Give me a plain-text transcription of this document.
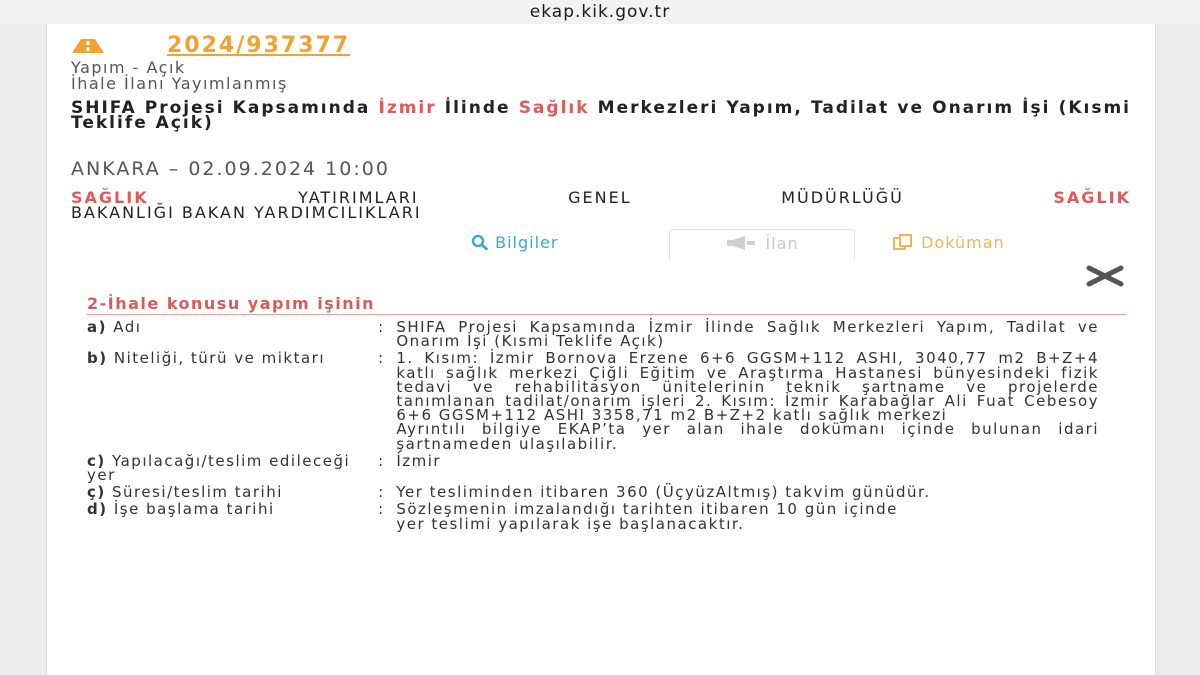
ekap.kik.gov.tr
2024/937377
Yapım - Açık
İhale İlanı Yayımlanmış
SHIFA Projesi Kapsamında İzmir İlinde Sağlık Merkezleri Yapım, Tadilat ve Onarım İşi (Kısmi Teklife Açık)
ANKARA – 02.09.2024 10:00
SAĞLIK	YATIRIMLARI	GENEL	MÜDÜRLÜĞÜ	SAĞLIK
BAKANLIĞI BAKAN YARDIMCILIKLARI
Bilgiler	İlan	Doküman
2-İhale konusu yapım işinin
a) Adı	:	SHIFA Projesi Kapsamında İzmir İlinde Sağlık Merkezleri Yapım, Tadilat ve Onarım İşi (Kısmi Teklife Açık)

b) Niteliği, türü ve miktarı	:	1. Kısım: İzmir Bornova Erzene 6+6 GGSM+112 ASHI, 3040,77 m2 B+Z+4 katlı sağlık merkezi Çiğli Eğitim ve Araştırma Hastanesi bünyesindeki fizik tedavi ve rehabilitasyon ünitelerinin teknik şartname ve projelerde tanımlanan tadilat/onarım işleri 2. Kısım: İzmir Karabağlar Ali Fuat Cebesoy 6+6 GGSM+112 ASHI 3358,71 m2 B+Z+2 katlı sağlık merkezi

Ayrıntılı bilgiye EKAP’ta yer alan ihale dokümanı içinde bulunan idari şartnameden ulaşılabilir.

c) Yapılacağı/teslim edileceği yer	:	İzmir

ç) Süresi/teslim tarihi	:	Yer tesliminden itibaren 360 (ÜçyüzAltmış) takvim günüdür.

d) İşe başlama tarihi	:	Sözleşmenin imzalandığı tarihten itibaren 10 gün içinde

yer teslimi yapılarak işe başlanacaktır.
